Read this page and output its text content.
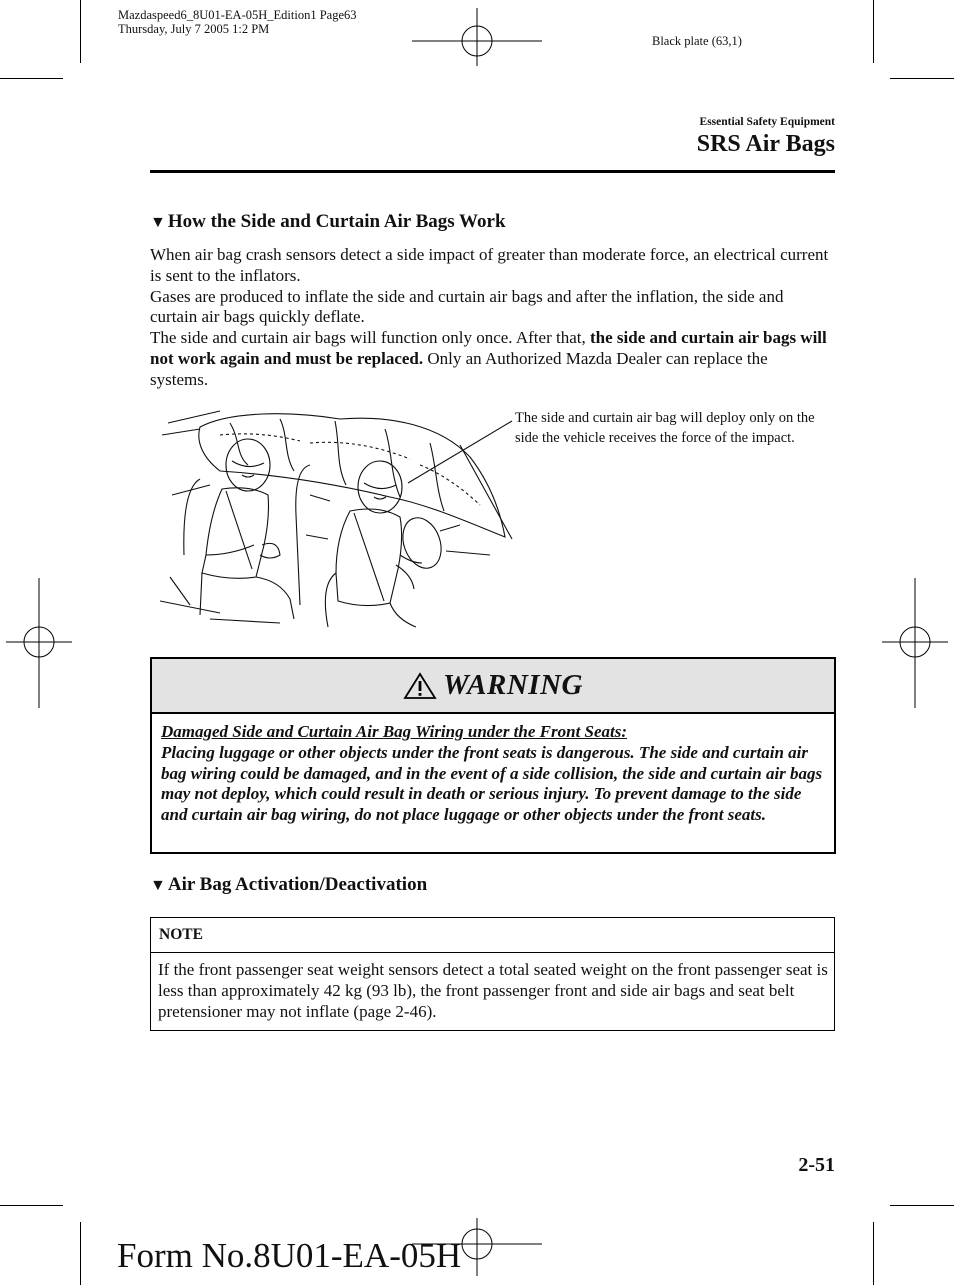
Mazdaspeed6_8U01-EA-05H_Edition1 Page63
Thursday, July 7 2005 1:2 PM
Black plate (63,1)
Essential Safety Equipment
SRS Air Bags
▼ How the Side and Curtain Air Bags Work

When air bag crash sensors detect a side impact of greater than moderate force, an electrical current is sent to the inflators.

Gases are produced to inflate the side and curtain air bags and after the inflation, the side and curtain air bags quickly deflate.

The side and curtain air bags will function only once. After that, the side and curtain air bags will not work again and must be replaced. Only an Authorized Mazda Dealer can replace the systems.

The side and curtain air bag will deploy only on the side the vehicle receives the force of the impact.
WARNING
Damaged Side and Curtain Air Bag Wiring under the Front Seats:
Placing luggage or other objects under the front seats is dangerous. The side and curtain air bag wiring could be damaged, and in the event of a side collision, the side and curtain air bags may not deploy, which could result in death or serious injury. To prevent damage to the side and curtain air bag wiring, do not place luggage or other objects under the front seats.
▼ Air Bag Activation/Deactivation
NOTE
If the front passenger seat weight sensors detect a total seated weight on the front passenger seat is less than approximately 42 kg (93 lb), the front passenger front and side air bags and seat belt pretensioner may not inflate (page 2-46).
2-51
Form No.8U01-EA-05H
